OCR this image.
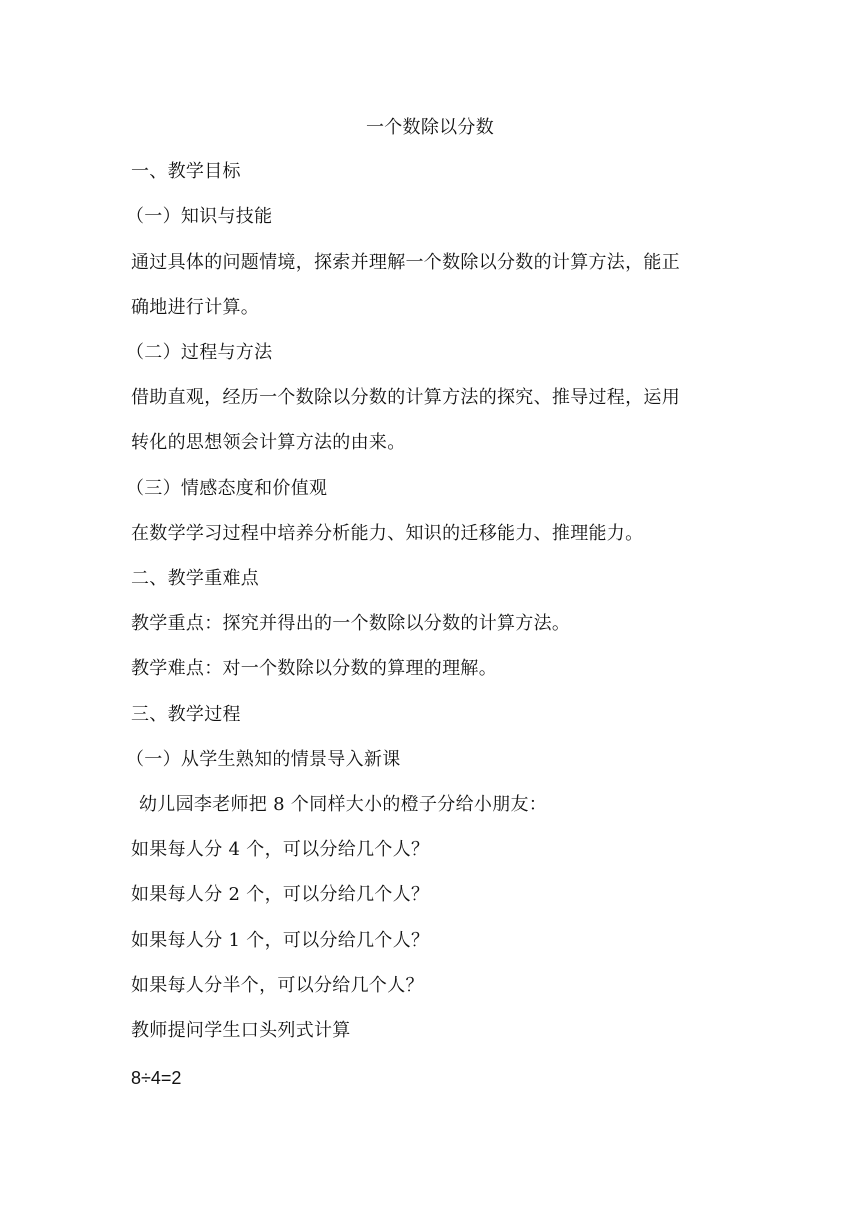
一个数除以分数
一、教学目标
（一）知识与技能
通过具体的问题情境，探索并理解一个数除以分数的计算方法，能正
确地进行计算。
（二）过程与方法
借助直观，经历一个数除以分数的计算方法的探究、推导过程，运用
转化的思想领会计算方法的由来。
（三）情感态度和价值观
在数学学习过程中培养分析能力、知识的迁移能力、推理能力。
二、教学重难点
教学重点：探究并得出的一个数除以分数的计算方法。
教学难点：对一个数除以分数的算理的理解。
三、教学过程
（一）从学生熟知的情景导入新课
幼儿园李老师把 8 个同样大小的橙子分给小朋友：
如果每人分 4 个，可以分给几个人？
如果每人分 2 个，可以分给几个人？
如果每人分 1 个，可以分给几个人？
如果每人分半个，可以分给几个人？
教师提问学生口头列式计算
8÷4=2
